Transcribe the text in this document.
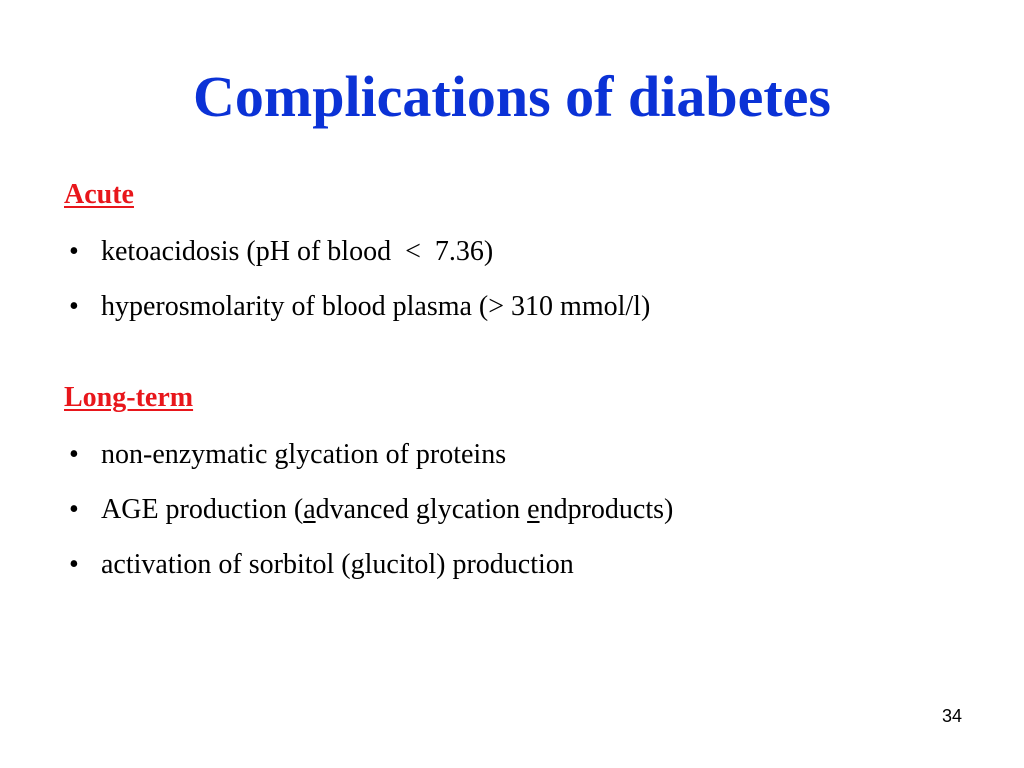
Complications of diabetes
Acute
• ketoacidosis (pH of blood  <  7.36)
• hyperosmolarity of blood plasma (> 310 mmol/l)
Long-term
• non-enzymatic glycation of proteins
• AGE production (advanced glycation endproducts)
• activation of sorbitol (glucitol) production
34
